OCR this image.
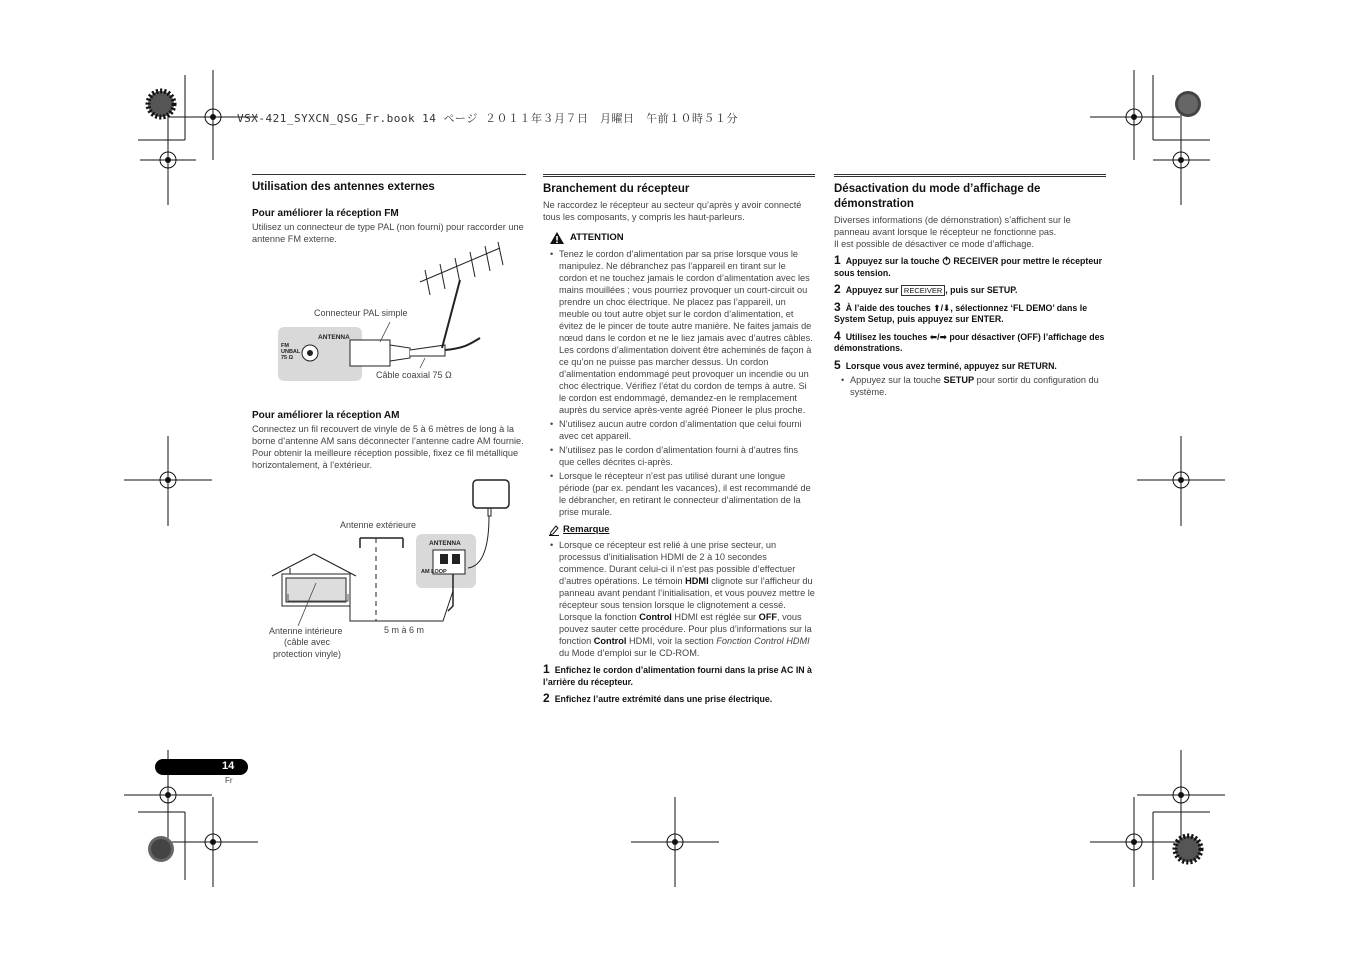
VSX-421_SYXCN_QSG_Fr.book 14 ページ ２０１１年３月７日　月曜日　午前１０時５１分
Utilisation des antennes externes
Pour améliorer la réception FM

Utilisez un connecteur de type PAL (non fourni) pour raccorder une antenne FM externe.

Pour améliorer la réception AM

Connectez un fil recouvert de vinyle de 5 à 6 mètres de long à la borne d’antenne AM sans déconnecter l’antenne cadre AM fournie.

Pour obtenir la meilleure réception possible, fixez ce fil métallique horizontalement, à l’extérieur.

Connecteur PAL simple
Câble coaxial 75 Ω
ANTENNA
FM
UNBAL
75 Ω
Antenne extérieure
Antenne intérieure
(câble avec
protection vinyle)
5 m à 6 m
ANTENNA
AM LOOP
Branchement du récepteur

Ne raccordez le récepteur au secteur qu’après y avoir connecté tous les composants, y compris les haut-parleurs.

ATTENTION
• Tenez le cordon d’alimentation par sa prise lorsque vous le manipulez. Ne débranchez pas l’appareil en tirant sur le cordon et ne touchez jamais le cordon d’alimentation avec les mains mouillées ; vous pourriez provoquer un court-circuit ou prendre un choc électrique. Ne placez pas l’appareil, un meuble ou tout autre objet sur le cordon d’alimentation, et évitez de le pincer de toute autre manière. Ne faites jamais de nœud dans le cordon et ne le liez jamais avec d’autres câbles. Les cordons d’alimentation doivent être acheminés de façon à ce qu’on ne puisse pas marcher dessus. Un cordon d’alimentation endommagé peut provoquer un incendie ou un choc électrique. Vérifiez l’état du cordon de temps à autre. Si le cordon est endommagé, demandez-en le remplacement auprès du service après-vente agréé Pioneer le plus proche.
• N’utilisez aucun autre cordon d’alimentation que celui fourni avec cet appareil.
• N’utilisez pas le cordon d’alimentation fourni à d’autres fins que celles décrites ci-après.
• Lorsque le récepteur n’est pas utilisé durant une longue période (par ex. pendant les vacances), il est recommandé de le débrancher, en retirant le connecteur d’alimentation de la prise murale.
Remarque
• Lorsque ce récepteur est relié à une prise secteur, un processus d’initialisation HDMI de 2 à 10 secondes commence. Durant celui-ci il n’est pas possible d’effectuer d’autres opérations. Le témoin HDMI clignote sur l’afficheur du panneau avant pendant l’initialisation, et vous pouvez mettre le récepteur sous tension lorsque le clignotement a cessé. Lorsque la fonction Control HDMI est réglée sur OFF, vous pouvez sauter cette procédure. Pour plus d’informations sur la fonction Control HDMI, voir la section Fonction Control HDMI du Mode d’emploi sur le CD-ROM.
1 Enfichez le cordon d’alimentation fourni dans la prise AC IN à l’arrière du récepteur.
2 Enfichez l’autre extrémité dans une prise électrique.
Désactivation du mode d’affichage de démonstration

Diverses informations (de démonstration) s’affichent sur le panneau avant lorsque le récepteur ne fonctionne pas.

Il est possible de désactiver ce mode d’affichage.

1 Appuyez sur la touche  RECEIVER pour mettre le récepteur sous tension.
2 Appuyez sur RECEIVER , puis sur SETUP.
3 À l’aide des touches ⬆/⬇, sélectionnez ‘FL DEMO’ dans le System Setup, puis appuyez sur ENTER.
4 Utilisez les touches ⬅/➡ pour désactiver (OFF) l’affichage des démonstrations.
5 Lorsque vous avez terminé, appuyez sur RETURN.
• Appuyez sur la touche SETUP pour sortir du configuration du système.
14
Fr
